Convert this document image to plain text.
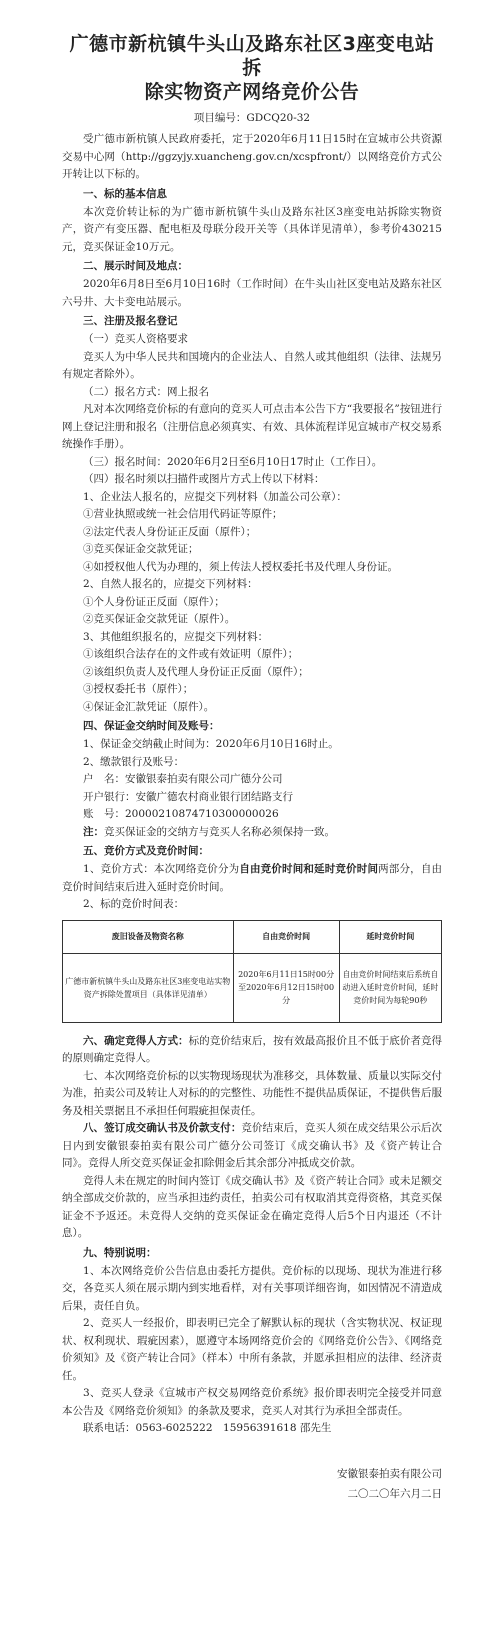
广德市新杭镇牛头山及路东社区3座变电站拆
除实物资产网络竞价公告
项目编号：GDCQ20-32

受广德市新杭镇人民政府委托，定于2020年6月11日15时在宣城市公共资源交易中心网（http://ggzyjy.xuancheng.gov.cn/xcspfront/）以网络竞价方式公开转让以下标的。

一、标的基本信息

本次竞价转让标的为广德市新杭镇牛头山及路东社区3座变电站拆除实物资产，资产有变压器、配电柜及母联分段开关等（具体详见清单），参考价430215元，竞买保证金10万元。

二、展示时间及地点：

2020年6月8日至6月10日16时（工作时间）在牛头山社区变电站及路东社区六号井、大卡变电站展示。

三、注册及报名登记

（一）竞买人资格要求

竞买人为中华人民共和国境内的企业法人、自然人或其他组织（法律、法规另有规定者除外）。

（二）报名方式：网上报名

凡对本次网络竞价标的有意向的竞买人可点击本公告下方“我要报名”按钮进行网上登记注册和报名（注册信息必须真实、有效、具体流程详见宣城市产权交易系统操作手册）。

（三）报名时间：2020年6月2日至6月10日17时止（工作日）。

（四）报名时须以扫描件或图片方式上传以下材料：

1、企业法人报名的，应提交下列材料（加盖公司公章）：

①营业执照或统一社会信用代码证等原件；

②法定代表人身份证正反面（原件）；

③竞买保证金交款凭证；

④如授权他人代为办理的，须上传法人授权委托书及代理人身份证。

2、自然人报名的，应提交下列材料：

①个人身份证正反面（原件）；

②竞买保证金交款凭证（原件）。

3、其他组织报名的，应提交下列材料：

①该组织合法存在的文件或有效证明（原件）；

②该组织负责人及代理人身份证正反面（原件）；

③授权委托书（原件）；

④保证金汇款凭证（原件）。

四、保证金交纳时间及账号：

1、保证金交纳截止时间为：2020年6月10日16时止。

2、缴款银行及账号：

户　名：安徽银泰拍卖有限公司广德分公司

开户银行：安徽广德农村商业银行团结路支行

账　号：20000210874710300000026

注：竞买保证金的交纳方与竞买人名称必须保持一致。

五、竞价方式及竞价时间：

1、竞价方式：本次网络竞价分为自由竞价时间和延时竞价时间两部分，自由竞价时间结束后进入延时竞价时间。

2、标的竞价时间表：

废旧设备及物资名称	自由竞价时间	延时竞价时间
广德市新杭镇牛头山及路东社区3座变电站实物资产拆除处置项目（具体详见清单）	2020年6月11日15时00分至2020年6月12日15时00分	自由竞价时间结束后系统自动进入延时竞价时间，延时竞价时间为每轮90秒

六、确定竞得人方式：标的竞价结束后，按有效最高报价且不低于底价者竞得的原则确定竞得人。

七、本次网络竞价标的以实物现场现状为准移交，具体数量、质量以实际交付为准，拍卖公司及转让人对标的的完整性、功能性不提供品质保证，不提供售后服务及相关票据且不承担任何瑕疵担保责任。

八、签订成交确认书及价款支付：竞价结束后，竞买人须在成交结果公示后次日内到安徽银泰拍卖有限公司广德分公司签订《成交确认书》及《资产转让合同》。竞得人所交竞买保证金扣除佣金后其余部分冲抵成交价款。

竞得人未在规定的时间内签订《成交确认书》及《资产转让合同》或未足额交纳全部成交价款的，应当承担违约责任，拍卖公司有权取消其竞得资格，其竞买保证金不予返还。未竞得人交纳的竞买保证金在确定竞得人后5个日内退还（不计息）。

九、特别说明：

1、本次网络竞价公告信息由委托方提供。竞价标的以现场、现状为准进行移交，各竞买人须在展示期内到实地看样，对有关事项详细咨询，如因情况不清造成后果，责任自负。

2、竞买人一经报价，即表明已完全了解默认标的现状（含实物状况、权证现状、权利现状、瑕疵因素），愿遵守本场网络竞价会的《网络竞价公告》、《网络竞价须知》及《资产转让合同》（样本）中所有条款，并愿承担相应的法律、经济责任。

3、竞买人登录《宣城市产权交易网络竞价系统》报价即表明完全接受并同意本公告及《网络竞价须知》的条款及要求，竞买人对其行为承担全部责任。

联系电话：0563-6025222　15956391618 邵先生

安徽银泰拍卖有限公司
二〇二〇年六月二日
